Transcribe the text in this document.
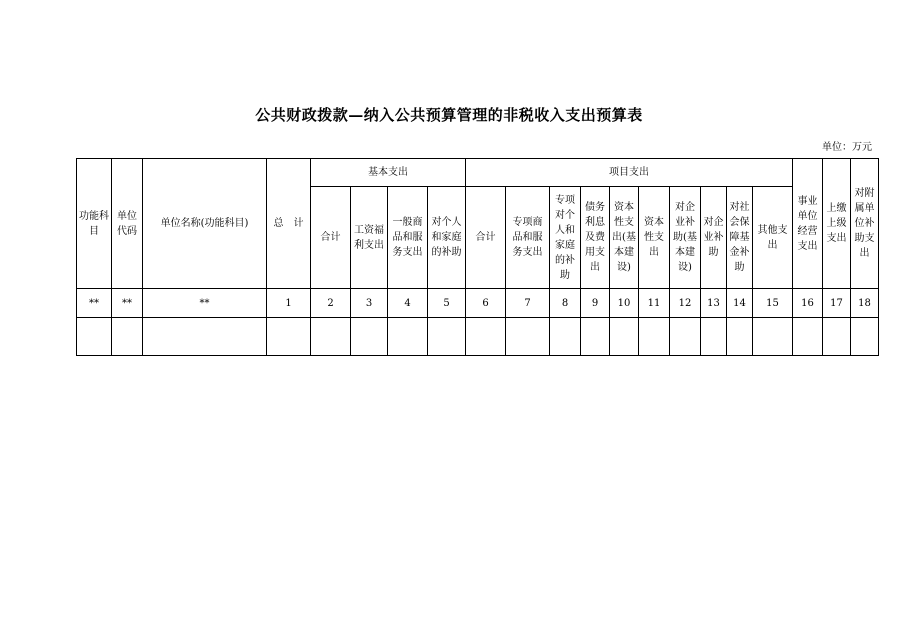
公共财政拨款—纳入公共预算管理的非税收入支出预算表
单位：万元
功能科目	单位代码	单位名称(功能科目)	总　计	基本支出				项目支出										事业单位经营支出	上缴上级支出	对附属单位补助支出
				合计	工资福利支出	一般商品和服务支出	对个人和家庭的补助	合计	专项商品和服务支出	专项对个人和家庭的补助	债务利息及费用支出	资本性支出(基本建设)	资本性支出	对企业补助(基本建设)	对企业补助	对社会保障基金补助	其他支出			
**	**	**	1	2	3	4	5	6	7	8	9	10	11	12	13	14	15	16	17	18
